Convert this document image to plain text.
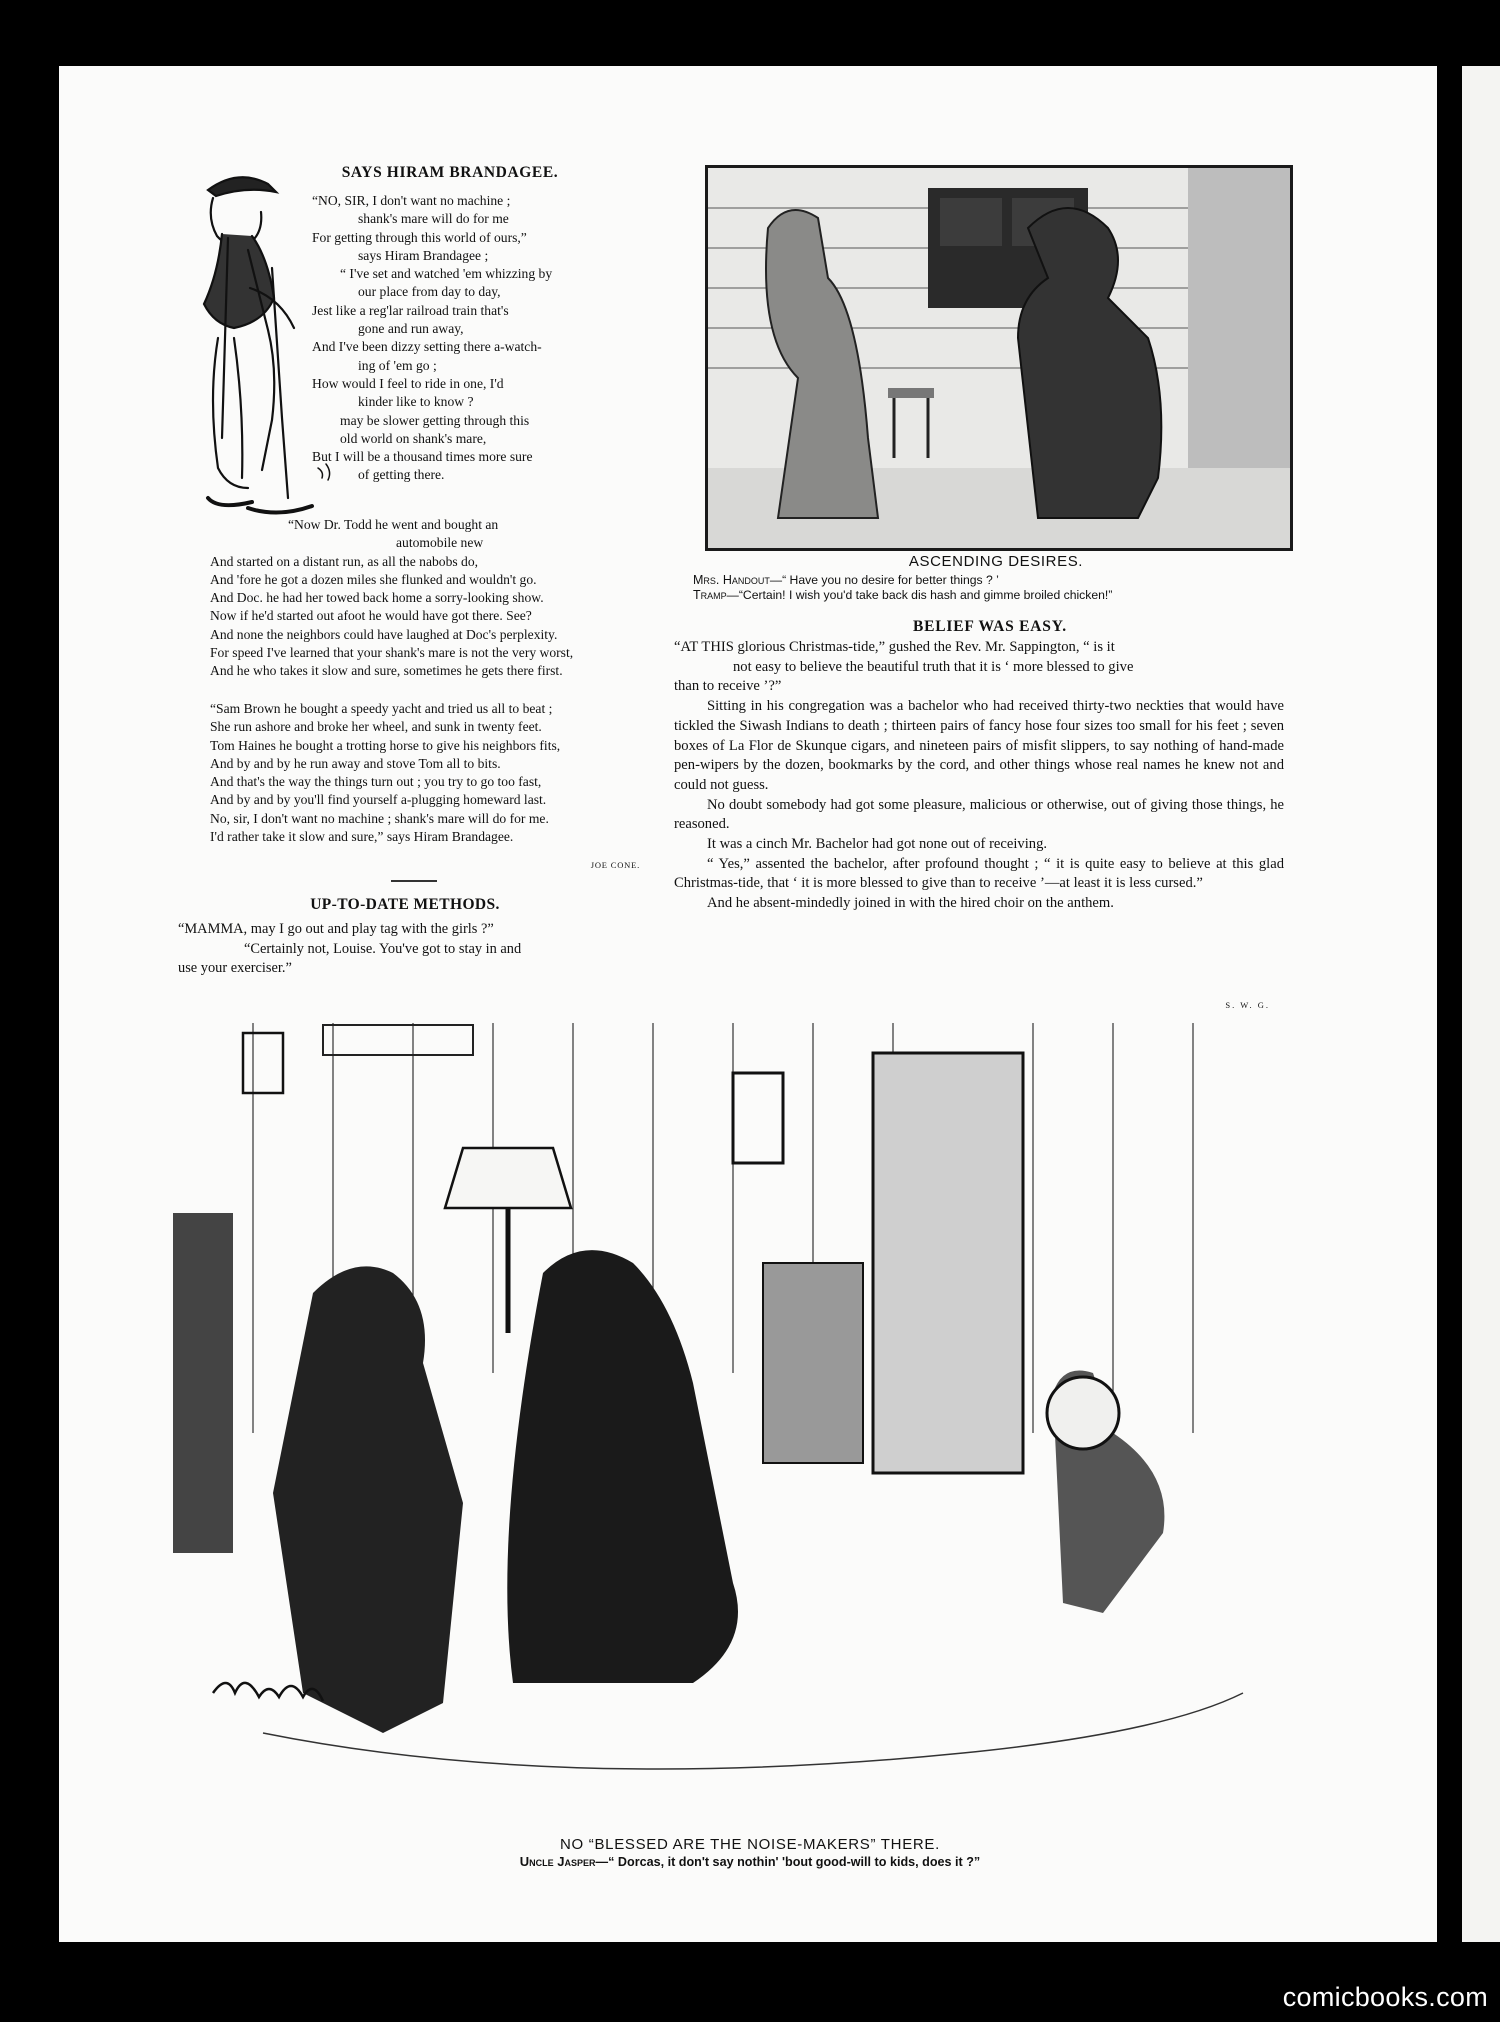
SAYS HIRAM BRANDAGEE.
“NO, SIR, I don't want no machine ;
shank's mare will do for me
For getting through this world of ours,”
says Hiram Brandagee ;
“ I've set and watched 'em whizzing by
our place from day to day,
Jest like a reg'lar railroad train that's
gone and run away,
And I've been dizzy setting there a-watch-
ing of 'em go ;
How would I feel to ride in one, I'd
kinder like to know ?
may be slower getting through this
old world on shank's mare,
But I will be a thousand times more sure
of getting there.
“Now Dr. Todd he went and bought an
automobile new
And started on a distant run, as all the nabobs do,
And 'fore he got a dozen miles she flunked and wouldn't go.
And Doc. he had her towed back home a sorry-looking show.
Now if he'd started out afoot he would have got there. See?
And none the neighbors could have laughed at Doc's perplexity.
For speed I've learned that your shank's mare is not the very worst,
And he who takes it slow and sure, sometimes he gets there first.
“Sam Brown he bought a speedy yacht and tried us all to beat ;
She run ashore and broke her wheel, and sunk in twenty feet.
Tom Haines he bought a trotting horse to give his neighbors fits,
And by and by he run away and stove Tom all to bits.
And that's the way the things turn out ; you try to go too fast,
And by and by you'll find yourself a-plugging homeward last.
No, sir, I don't want no machine ; shank's mare will do for me.
I'd rather take it slow and sure,” says Hiram Brandagee.
JOE CONE.
UP-TO-DATE METHODS.
“MAMMA, may I go out and play tag with the girls ?”
“Certainly not, Louise. You've got to stay in and
use your exerciser.”
ASCENDING DESIRES.
Mrs. Handout—“ Have you no desire for better things ? ’
Tramp—“Certain! I wish you'd take back dis hash and gimme broiled chicken!”
BELIEF WAS EASY.

“AT THIS glorious Christmas-tide,” gushed the Rev. Mr. Sappington, “ is it
not easy to believe the beautiful truth that it is ‘ more blessed to give
than to receive ’?”

Sitting in his congregation was a bachelor who had received thirty-two neckties that would have tickled the Siwash Indians to death ; thirteen pairs of fancy hose four sizes too small for his feet ; seven boxes of La Flor de Skunque cigars, and nineteen pairs of misfit slippers, to say nothing of hand-made pen-wipers by the dozen, bookmarks by the cord, and other things whose real names he knew not and could not guess.

No doubt somebody had got some pleasure, malicious or otherwise, out of giving those things, he reasoned.

It was a cinch Mr. Bachelor had got none out of receiving.

“ Yes,” assented the bachelor, after profound thought ; “ it is quite easy to believe at this glad Christmas-tide, that ‘ it is more blessed to give than to receive ’—at least it is less cursed.”

And he absent-mindedly joined in with the hired choir on the anthem.

S. W. G.
NO “BLESSED ARE THE NOISE-MAKERS” THERE.
Uncle Jasper—“ Dorcas, it don't say nothin' 'bout good-will to kids, does it ?”
comicbooks.com
